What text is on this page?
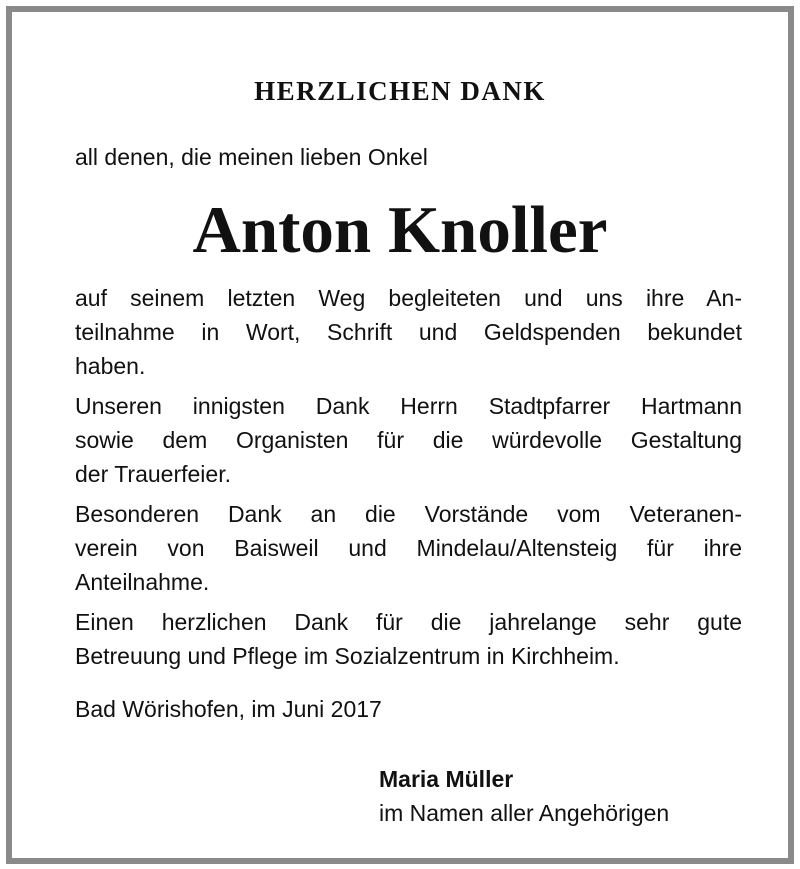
HERZLICHEN DANK
all denen, die meinen lieben Onkel
Anton Knoller

auf seinem letzten Weg begleiteten und uns ihre An-
teilnahme in Wort, Schrift und Geldspenden bekundet
haben.

Unseren innigsten Dank Herrn Stadtpfarrer Hartmann
sowie dem Organisten für die würdevolle Gestaltung
der Trauerfeier.

Besonderen Dank an die Vorstände vom Veteranen-
verein von Baisweil und Mindelau/Altensteig für ihre
Anteilnahme.

Einen herzlichen Dank für die jahrelange sehr gute
Betreuung und Pflege im Sozialzentrum in Kirchheim.

Bad Wörishofen, im Juni 2017
Maria Müller
im Namen aller Angehörigen
